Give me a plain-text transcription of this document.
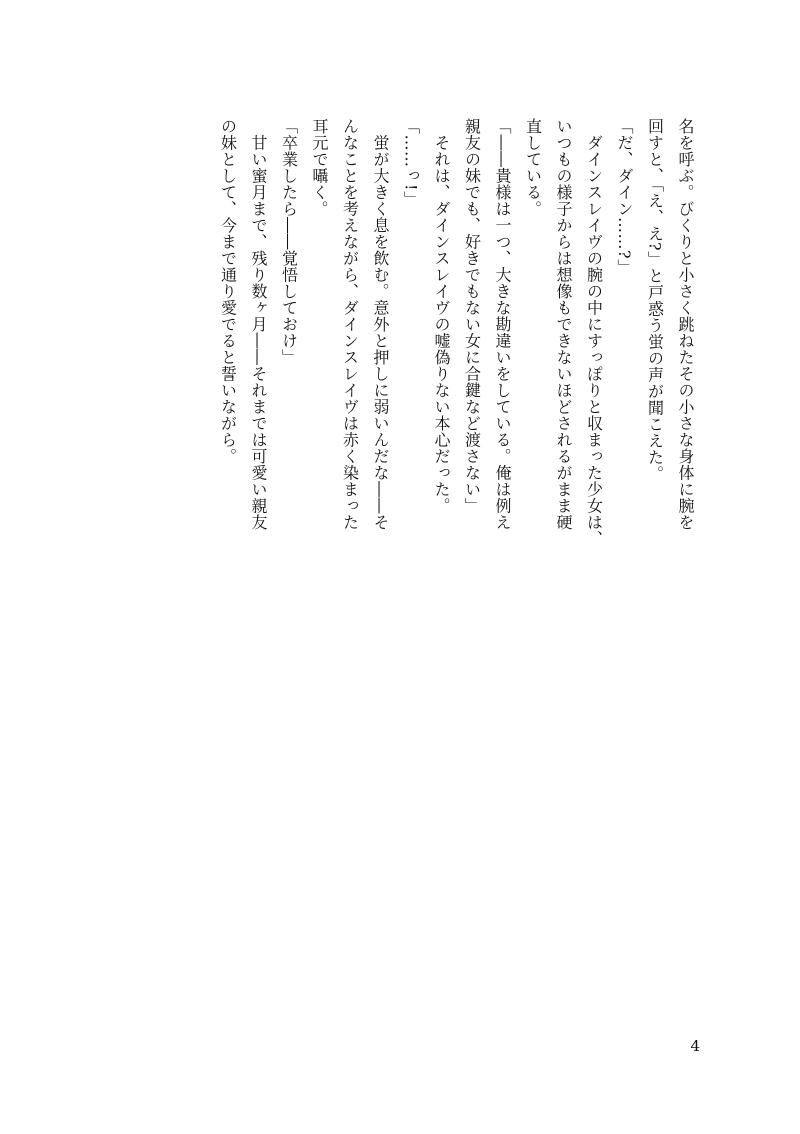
名を呼ぶ。びくりと小さく跳ねたその小さな身体に腕を

回すと、「え、え?」と戸惑う蛍の声が聞こえた。

「だ、ダイン……?」

　ダインスレイヴの腕の中にすっぽりと収まった少女は、

いつもの様子からは想像もできないほどされるがまま硬

直している。

「――貴様は一つ、大きな勘違いをしている。俺は例え

親友の妹でも、好きでもない女に合鍵など渡さない」

　それは、ダインスレイヴの嘘偽りない本心だった。

「……っ!」

　蛍が大きく息を飲む。意外と押しに弱いんだな――そ

んなことを考えながら、ダインスレイヴは赤く染まった

耳元で囁く。

「卒業したら――覚悟しておけ」

　甘い蜜月まで、残り数ヶ月――それまでは可愛い親友

の妹として、今まで通り愛でると誓いながら。

4
